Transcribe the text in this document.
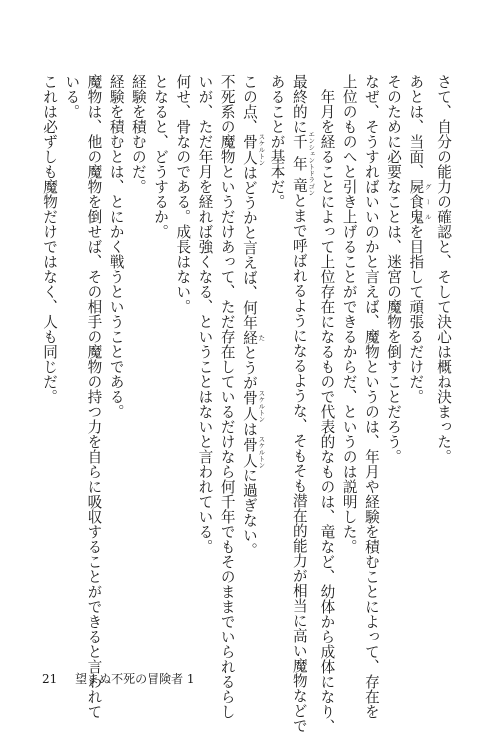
さて、自分の能力の確認と、そして決心は概ね決まった。
あとは、当面、屍食鬼 グールを目指して頑張るだけだ。
そのために必要なことは、迷宮の魔物を倒すことだろう。
なぜ、そうすればいいのかと言えば、魔物というのは、年月や経験を積むことによって、存在を
上位のものへと引き上げることができるからだ、というのは説明した。
年月を経ることによって上位存在になるもので代表的なものは、竜など、幼体から成体になり、
最終的に千年竜 エンシェントドラゴンとまで呼ばれるようになるような、そもそも潜在的能力が相当に高い魔物などで
あることが基本だ。
この点、骨人 スケルトンはどうかと言えば、何年経 たとうが骨人 スケルトンは骨人 スケルトンに過ぎない。
不死系の魔物というだけあって、ただ存在しているだけなら何千年でもそのままでいられるらし
いが、ただ年月を経れば強くなる、ということはないと言われている。
何せ、骨なのである。成長はない。
となると、どうするか。
経験を積むのだ。
経験を積むとは、とにかく戦うということである。
魔物は、他の魔物を倒せば、その相手の魔物の持つ力を自らに吸収することができると言われて
いる。
これは必ずしも魔物だけではなく、人も同じだ。
21 望まぬ不死の冒険者 1
